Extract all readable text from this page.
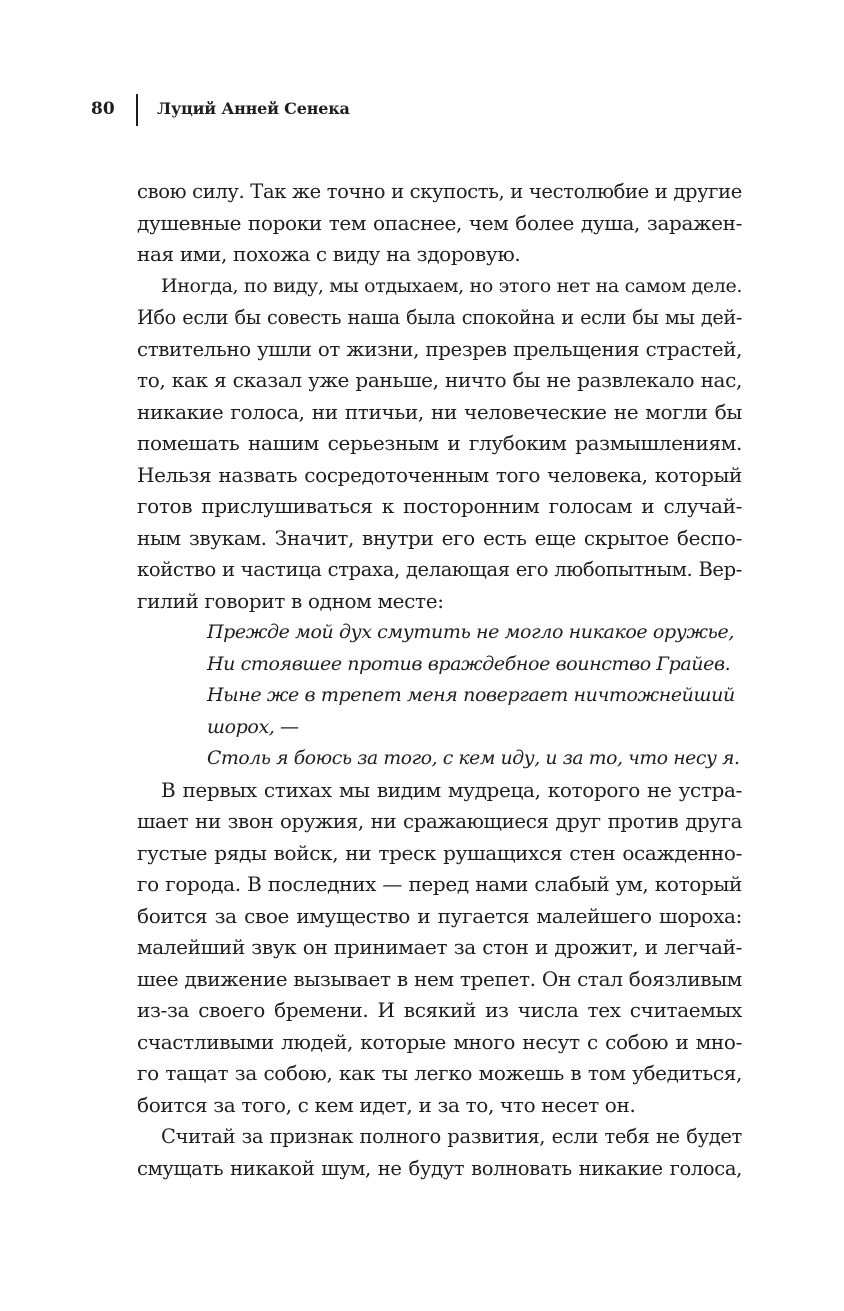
80	Луций Анней Сенека
свою силу. Так же точно и скупость, и честолюбие и другие
душевные пороки тем опаснее, чем более душа, заражен-
ная ими, похожа с виду на здоровую.
Иногда, по виду, мы отдыхаем, но этого нет на самом деле.
Ибо если бы совесть наша была спокойна и если бы мы дей-
ствительно ушли от жизни, презрев прельщения страстей,
то, как я сказал уже раньше, ничто бы не развлекало нас,
никакие голоса, ни птичьи, ни человеческие не могли бы
помешать нашим серьезным и глубоким размышлениям.
Нельзя назвать сосредоточенным того человека, который
готов прислушиваться к посторонним голосам и случай-
ным звукам. Значит, внутри его есть еще скрытое беспо-
койство и частица страха, делающая его любопытным. Вер-
гилий говорит в одном месте:
Прежде мой дух смутить не могло никакое оружье,
Ни стоявшее против враждебное воинство Грайев.
Ныне же в трепет меня повергает ничтожнейший
шорох, —
Столь я боюсь за того, с кем иду, и за то, что несу я.
В первых стихах мы видим мудреца, которого не устра-
шает ни звон оружия, ни сражающиеся друг против друга
густые ряды войск, ни треск рушащихся стен осажденно-
го города. В последних — перед нами слабый ум, который
боится за свое имущество и пугается малейшего шороха:
малейший звук он принимает за стон и дрожит, и легчай-
шее движение вызывает в нем трепет. Он стал боязливым
из-за своего бремени. И всякий из числа тех считаемых
счастливыми людей, которые много несут с собою и мно-
го тащат за собою, как ты легко можешь в том убедиться,
боится за того, с кем идет, и за то, что несет он.
Считай за признак полного развития, если тебя не будет
смущать никакой шум, не будут волновать никакие голоса,
